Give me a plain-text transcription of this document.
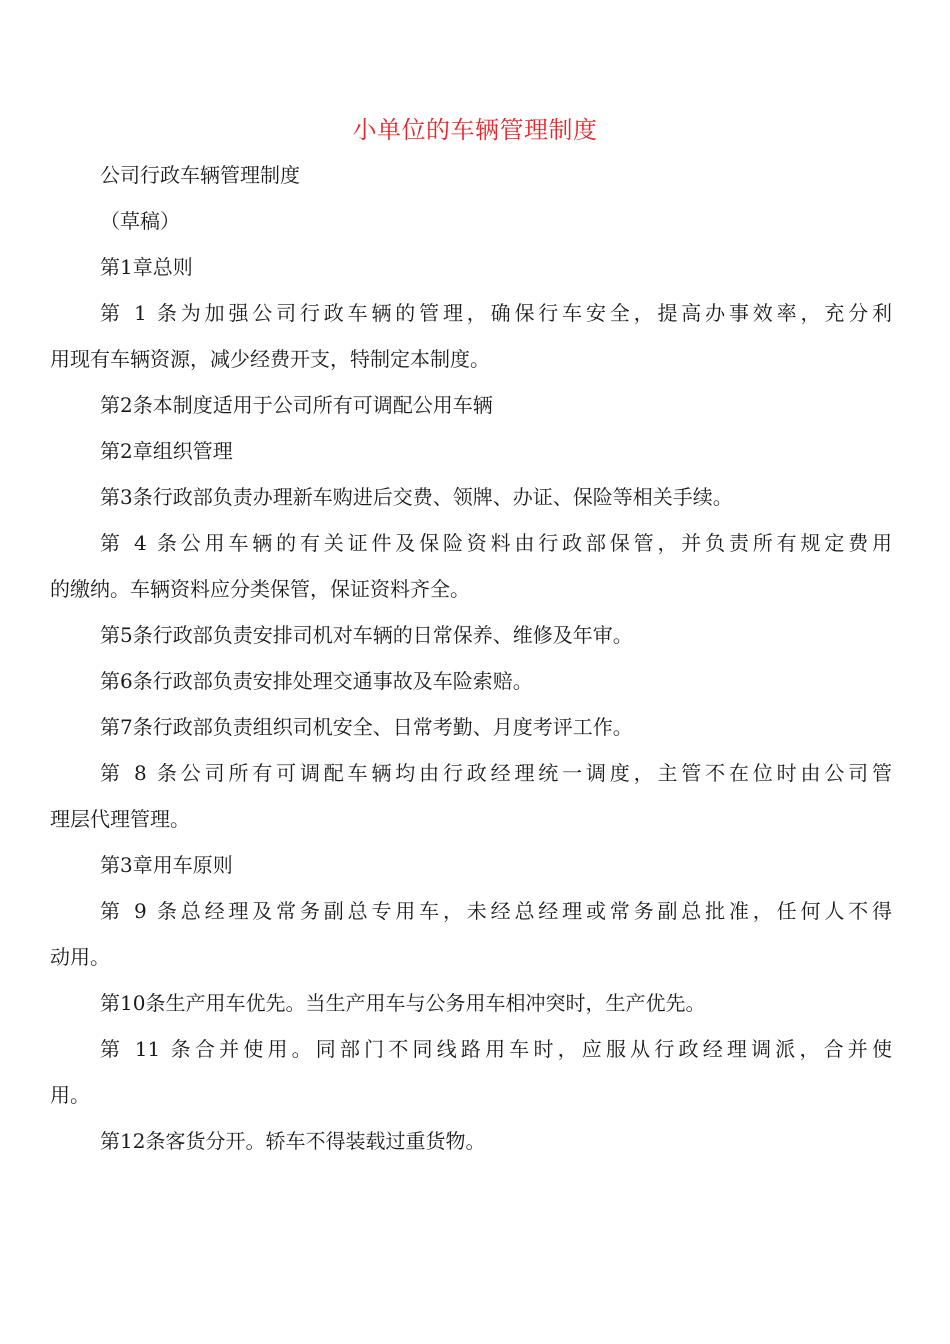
小单位的车辆管理制度

公司行政车辆管理制度

（草稿）

第1章总则

第 1 条为加强公司行政车辆的管理，确保行车安全，提高办事效率，充分利
用现有车辆资源，减少经费开支，特制定本制度。

第2条本制度适用于公司所有可调配公用车辆

第2章组织管理

第3条行政部负责办理新车购进后交费、领牌、办证、保险等相关手续。

第 4 条公用车辆的有关证件及保险资料由行政部保管，并负责所有规定费用
的缴纳。车辆资料应分类保管，保证资料齐全。

第5条行政部负责安排司机对车辆的日常保养、维修及年审。

第6条行政部负责安排处理交通事故及车险索赔。

第7条行政部负责组织司机安全、日常考勤、月度考评工作。

第 8 条公司所有可调配车辆均由行政经理统一调度，主管不在位时由公司管
理层代理管理。

第3章用车原则

第 9 条总经理及常务副总专用车，未经总经理或常务副总批准，任何人不得
动用。

第10条生产用车优先。当生产用车与公务用车相冲突时，生产优先。

第 11 条合并使用。同部门不同线路用车时，应服从行政经理调派，合并使
用。

第12条客货分开。轿车不得装载过重货物。
